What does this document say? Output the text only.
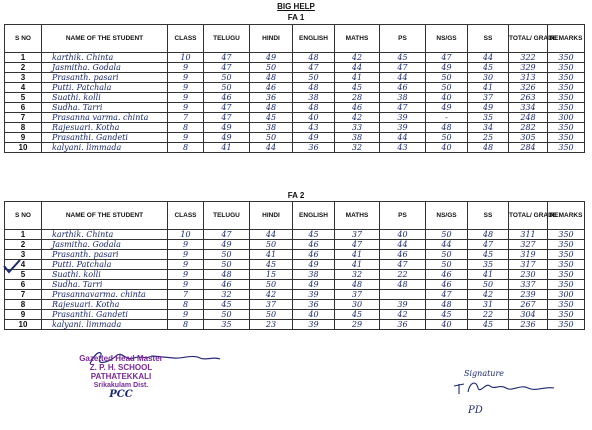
BIG HELP
FA 1
S NO	NAME OF THE STUDENT	CLASS	TELUGU	HINDI	ENGLISH	MATHS	PS	NS/GS	SS	TOTAL/ GRADE	REMARKS
1	karthik. Chinta	10	47	49	48	42	45	47	44	322	350
2	Jasmitha. Godala	9	47	50	47	44	47	49	45	329	350
3	Prasanth. pasari	9	50	48	50	41	44	50	30	313	350
4	Putti. Patchala	9	50	46	48	45	46	50	41	326	350
5	Suathi. kolli	9	46	36	38	28	38	40	37	263	350
6	Sudha. Tarri	9	47	48	48	46	47	49	49	334	350
7	Prasanna varma. chinta	7	47	45	40	42	39	-	35	248	300
8	Rajesuari. Kotha	8	49	38	43	33	39	48	34	282	350
9	Prasanthi. Gandeti	9	49	50	49	38	44	50	25	305	350
10	kalyani. limmada	8	41	44	36	32	43	40	48	284	350
FA 2
S NO	NAME OF THE STUDENT	CLASS	TELUGU	HINDI	ENGLISH	MATHS	PS	NS/GS	SS	TOTAL/ GRADE	REMARKS
1	karthik. Chinta	10	47	44	45	37	40	50	48	311	350
2	Jasmitha. Godala	9	49	50	46	47	44	44	47	327	350
3	Prasanth. pasari	9	50	41	46	41	46	50	45	319	350
4	Putti. Patchala	9	50	45	49	41	47	50	35	317	350
5	Suathi. kolli	9	48	15	38	32	22	46	41	230	350
6	Sudha. Tarri	9	46	50	49	48	48	46	50	337	350
7	Prasannavarma. chinta	7	32	42	39	37		47	42	239	300
8	Rajesuari. Kotha	8	45	37	36	30	39	48	31	267	350
9	Prasanthi. Gandeti	9	50	50	40	45	42	45	22	304	350
10	kalyani. limmada	8	35	23	39	29	36	40	45	236	350
Gazetted Head Master
Z. P. H. SCHOOL
PATHATEKKALI
Srikakulam Dist.
PCC
Signature
PD
